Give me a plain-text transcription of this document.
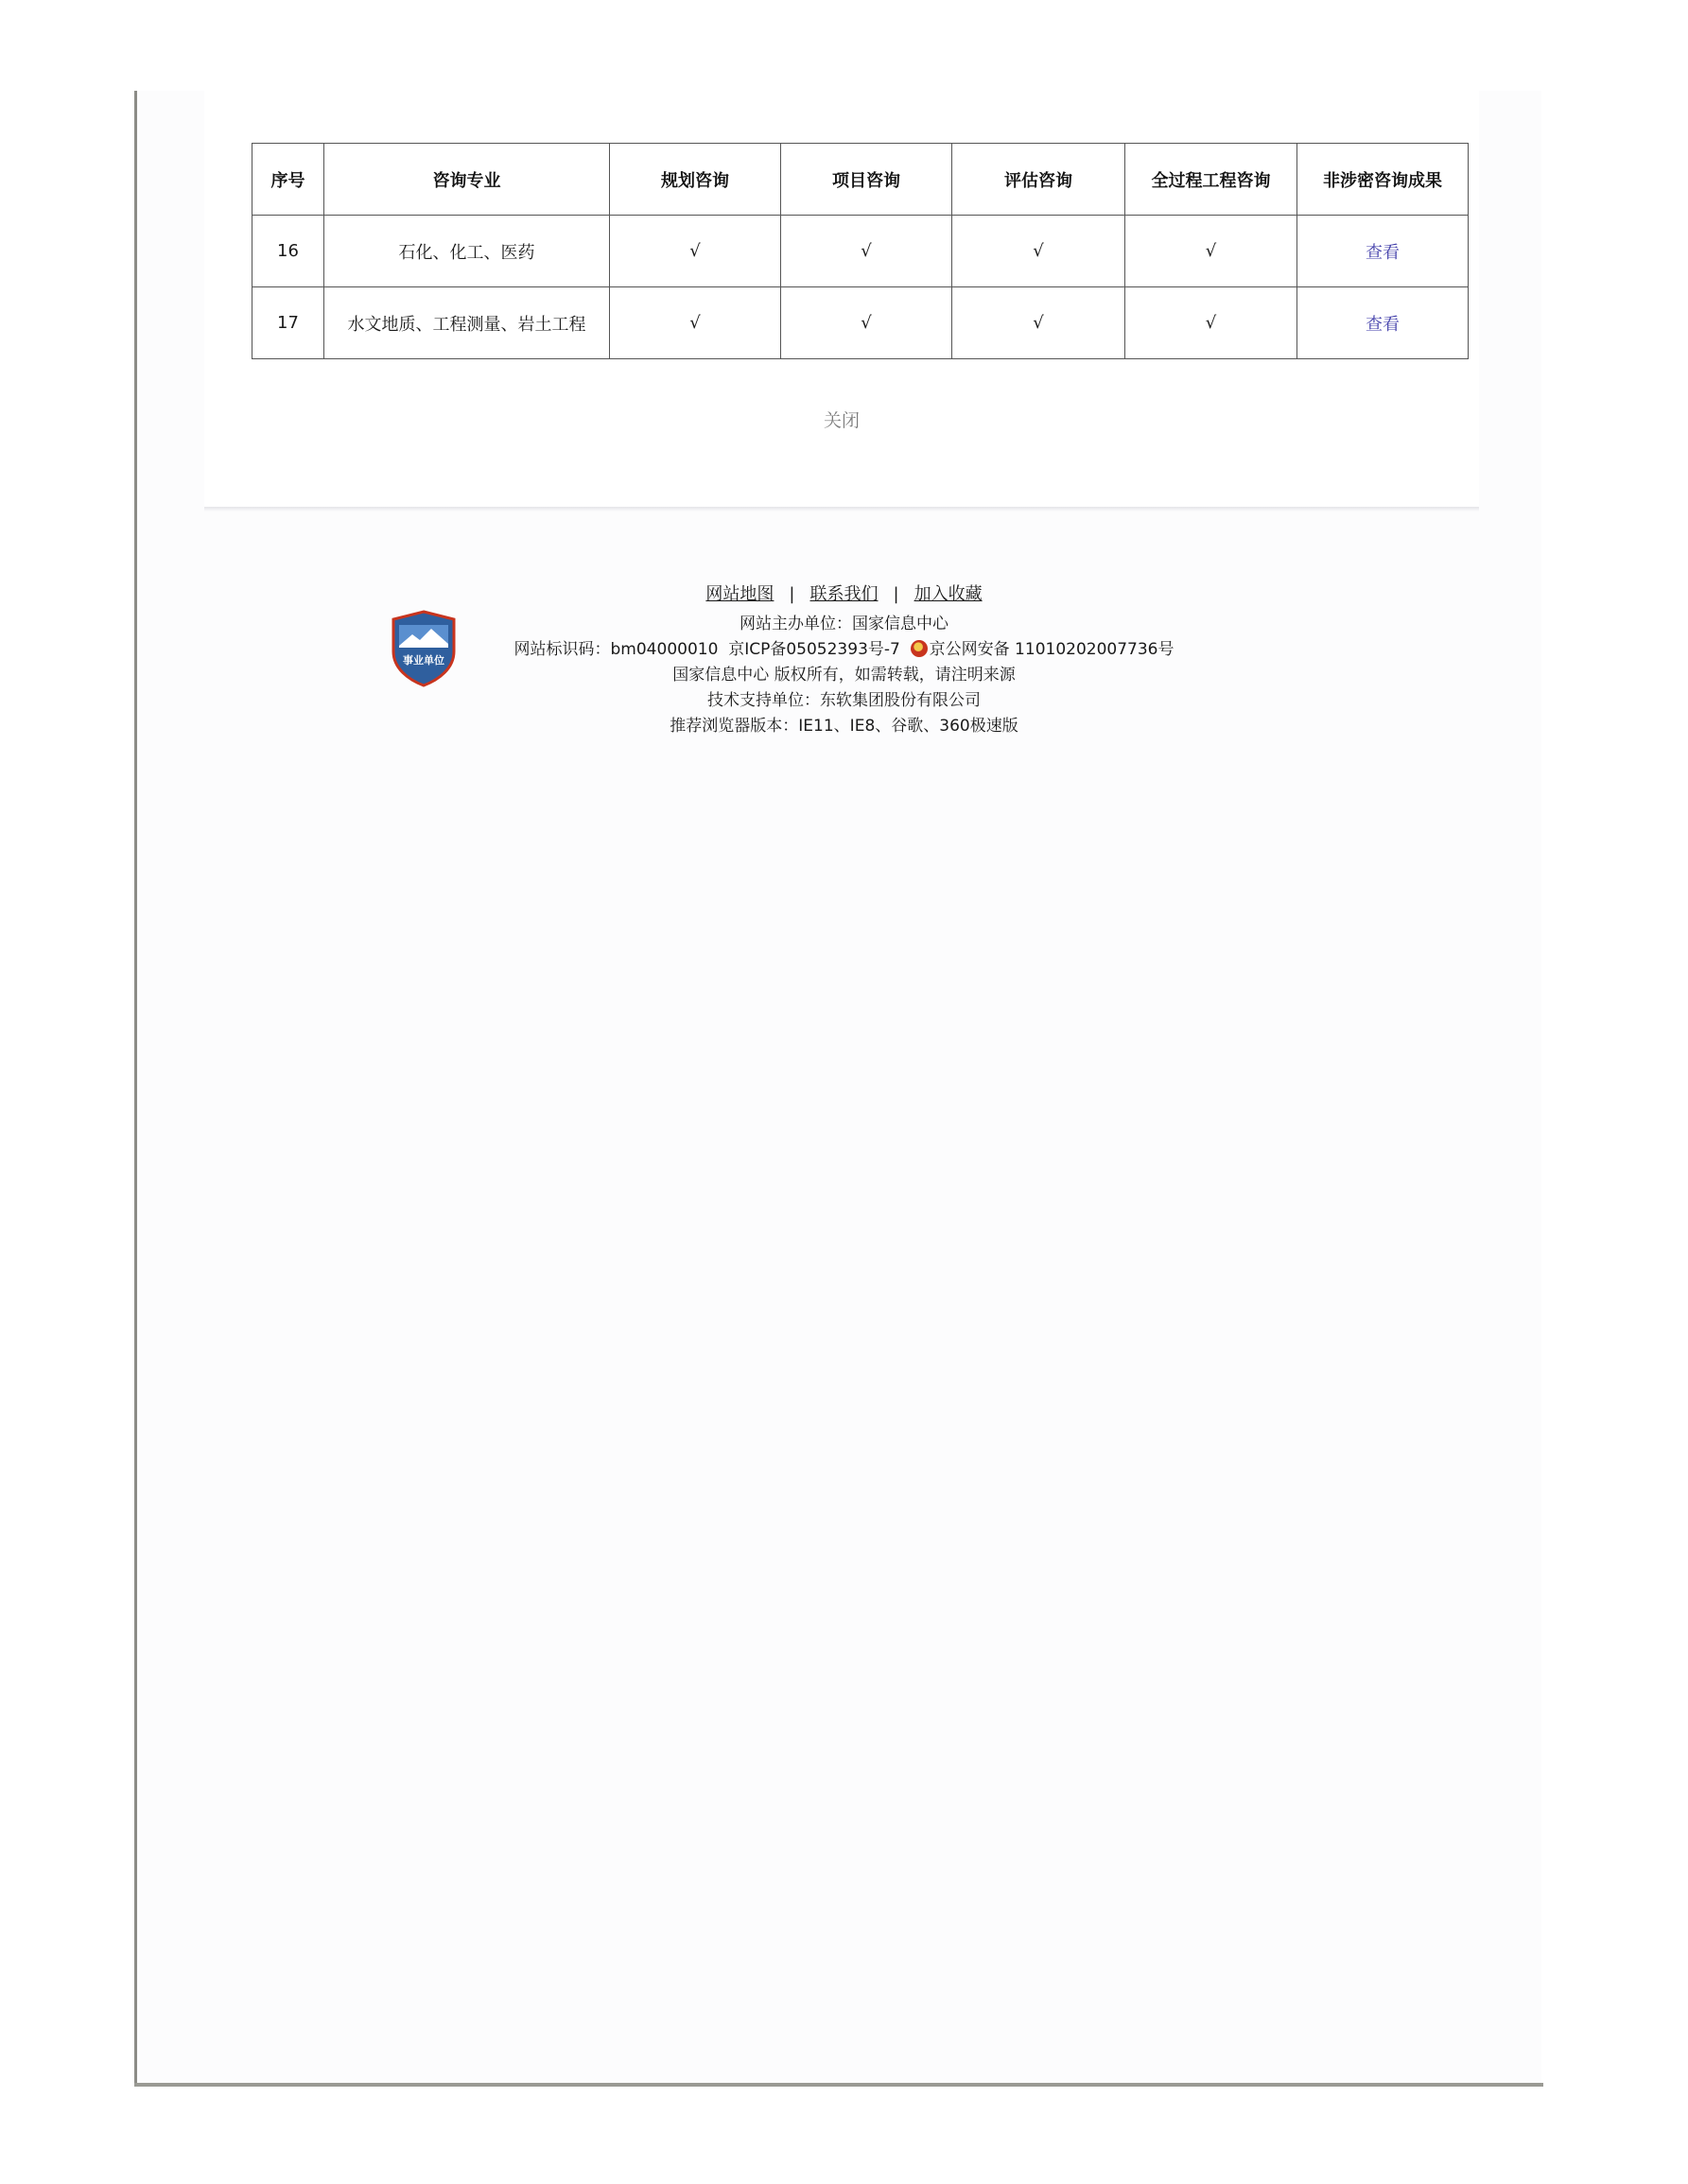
序号	咨询专业	规划咨询	项目咨询	评估咨询	全过程工程咨询	非涉密咨询成果
16	石化、化工、医药	√	√	√	√	查看
17	水文地质、工程测量、岩土工程	√	√	√	√	查看
关闭
网站地图 | 联系我们 | 加入收藏
网站主办单位：国家信息中心
网站标识码：bm04000010 京ICP备05052393号-7 京公网安备 11010202007736号
国家信息中心 版权所有，如需转载，请注明来源
技术支持单位：东软集团股份有限公司
推荐浏览器版本：IE11、IE8、谷歌、360极速版
事业单位
